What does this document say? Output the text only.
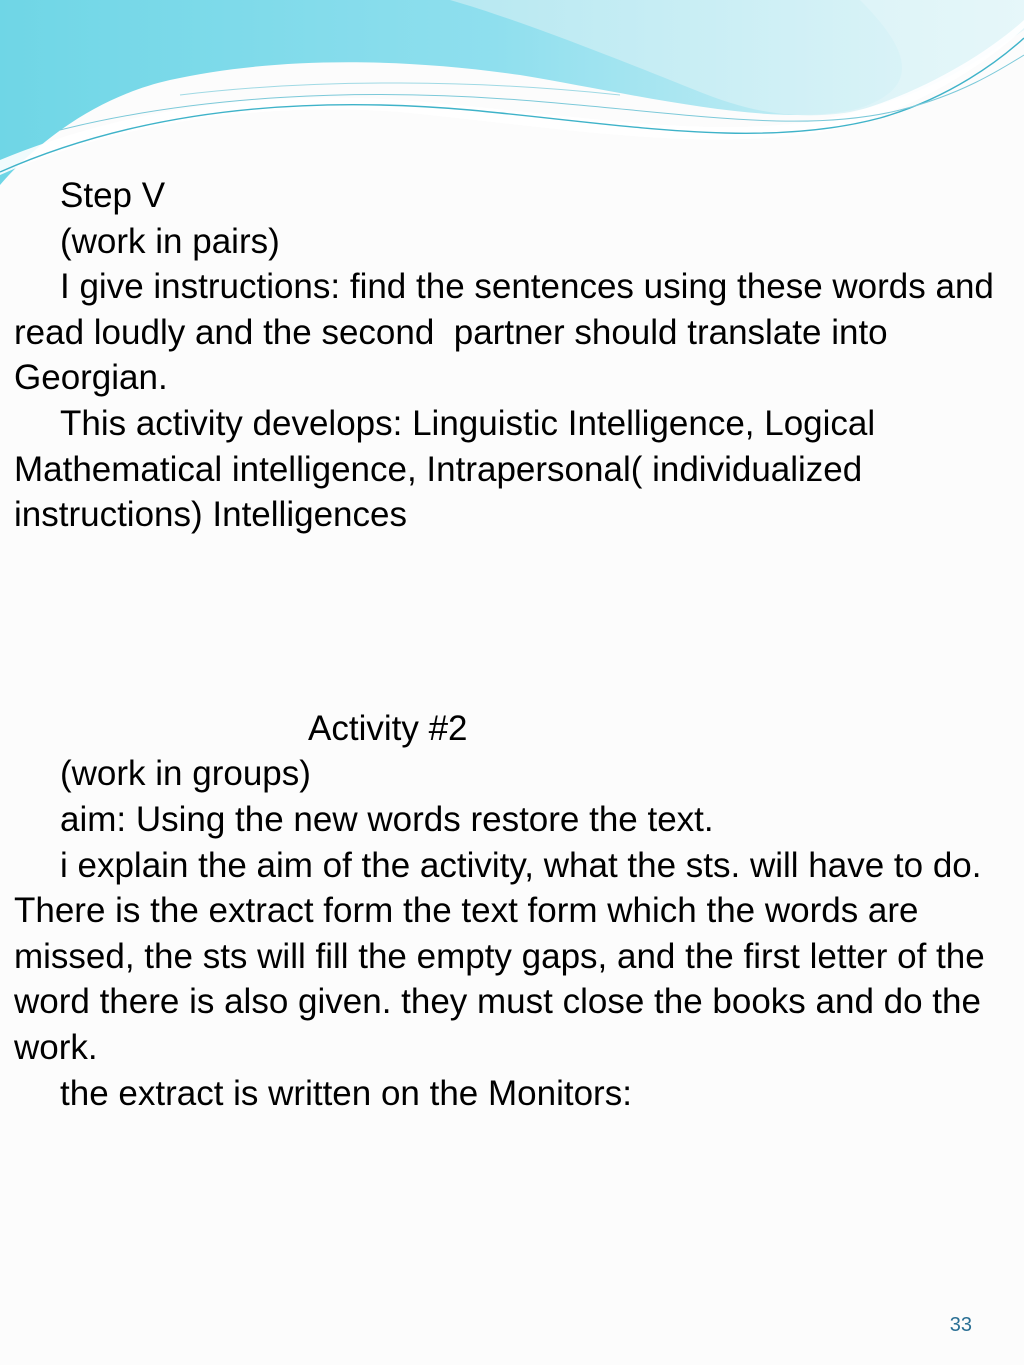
Step V

(work in pairs)

I give instructions: find the sentences using these words and read loudly and the second  partner should translate into Georgian.

This activity develops: Linguistic Intelligence, Logical Mathematical intelligence, Intrapersonal( individualized instructions) Intelligences

Activity #2

(work in groups)

aim: Using the new words restore the text.

i explain the aim of the activity, what the sts. will have to do. There is the extract form the text form which the words are missed, the sts will fill the empty gaps, and the first letter of the word there is also given. they must close the books and do the work.

the extract is written on the Monitors:

33
